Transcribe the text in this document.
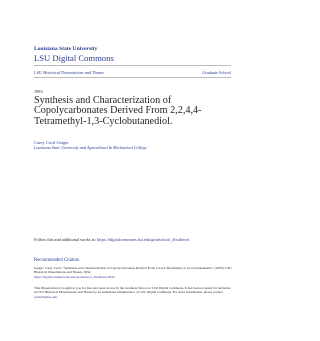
Louisiana State University
LSU Digital Commons
LSU Historical Dissertations and Theses	Graduate School
1993
Synthesis and Characterization of Copolycarbonates Derived From 2,2,4,4-Tetramethyl-1,3-Cyclobutanediol.
Carey Cecil Geiger
Louisiana State University and Agricultural & Mechanical College
Follow this and additional works at: https://digitalcommons.lsu.edu/gradschool_disstheses
Recommended Citation
Geiger, Carey Cecil, "Synthesis and Characterization of Copolycarbonates Derived From 2,2,4,4-Tetramethyl-1,3-Cyclobutanediol." (1993). LSU Historical Dissertations and Theses. 5654.
https://digitalcommons.lsu.edu/gradschool_disstheses/5654
This Dissertation is brought to you for free and open access by the Graduate School at LSU Digital Commons. It has been accepted for inclusion in LSU Historical Dissertations and Theses by an authorized administrator of LSU Digital Commons. For more information, please contact gradetd@lsu.edu.
